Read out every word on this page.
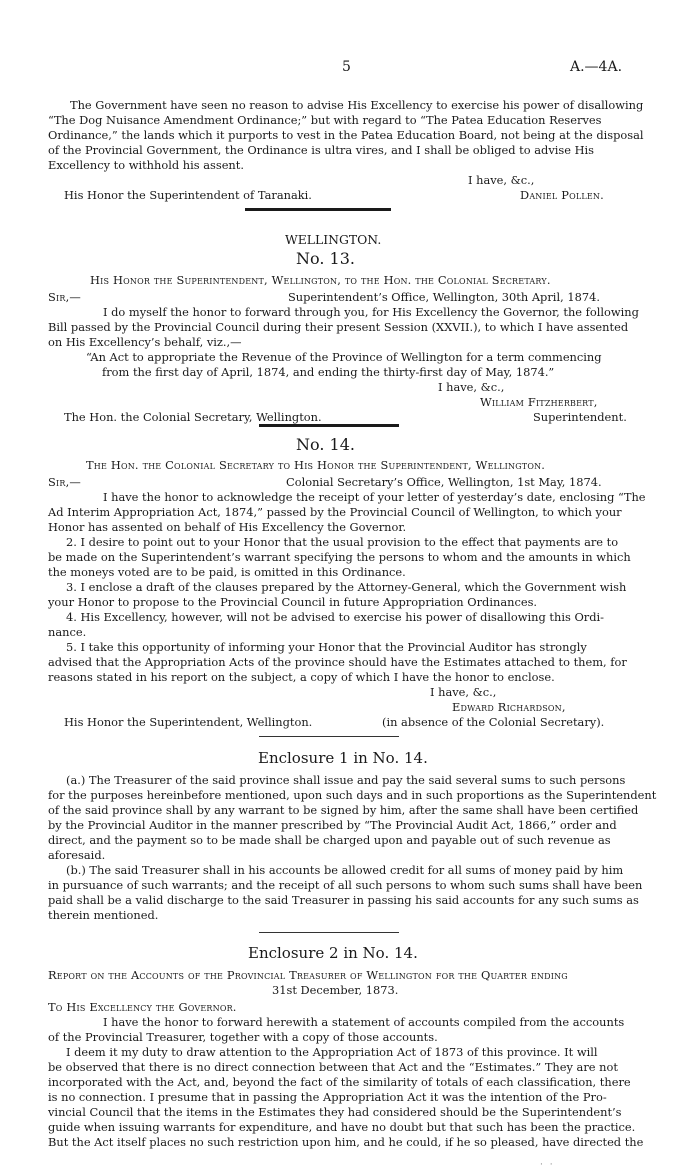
5	A.—4A.
The Government have seen no reason to advise His Excellency to exercise his power of disallowing
“The Dog Nuisance Amendment Ordinance;” but with regard to “The Patea Education Reserves
Ordinance,” the lands which it purports to vest in the Patea Education Board, not being at the disposal
of the Provincial Government, the Ordinance is ultra vires, and I shall be obliged to advise His
Excellency to withhold his assent.
I have, &c.,
His Honor the Superintendent of Taranaki.	Daniel Pollen.
WELLINGTON.
No. 13.
His Honor the Superintendent, Wellington, to the Hon. the Colonial Secretary.
Sir,—	Superintendent’s Office, Wellington, 30th April, 1874.
I do myself the honor to forward through you, for His Excellency the Governor, the following
Bill passed by the Provincial Council during their present Session (XXVII.), to which I have assented
on His Excellency’s behalf, viz.,—
“An Act to appropriate the Revenue of the Province of Wellington for a term commencing
from the first day of April, 1874, and ending the thirty-first day of May, 1874.”
I have, &c.,
William Fitzherbert,
The Hon. the Colonial Secretary, Wellington.	Superintendent.
No. 14.
The Hon. the Colonial Secretary to His Honor the Superintendent, Wellington.
Sir,—	Colonial Secretary’s Office, Wellington, 1st May, 1874.
I have the honor to acknowledge the receipt of your letter of yesterday’s date, enclosing “The
Ad Interim Appropriation Act, 1874,” passed by the Provincial Council of Wellington, to which your
Honor has assented on behalf of His Excellency the Governor.
2. I desire to point out to your Honor that the usual provision to the effect that payments are to
be made on the Superintendent’s warrant specifying the persons to whom and the amounts in which
the moneys voted are to be paid, is omitted in this Ordinance.
3. I enclose a draft of the clauses prepared by the Attorney-General, which the Government wish
your Honor to propose to the Provincial Council in future Appropriation Ordinances.
4. His Excellency, however, will not be advised to exercise his power of disallowing this Ordi-
nance.
5. I take this opportunity of informing your Honor that the Provincial Auditor has strongly
advised that the Appropriation Acts of the province should have the Estimates attached to them, for
reasons stated in his report on the subject, a copy of which I have the honor to enclose.
I have, &c.,
Edward Richardson,
His Honor the Superintendent, Wellington.	(in absence of the Colonial Secretary).
Enclosure 1 in No. 14.
(a.) The Treasurer of the said province shall issue and pay the said several sums to such persons
for the purposes hereinbefore mentioned, upon such days and in such proportions as the Superintendent
of the said province shall by any warrant to be signed by him, after the same shall have been certified
by the Provincial Auditor in the manner prescribed by “The Provincial Audit Act, 1866,” order and
direct, and the payment so to be made shall be charged upon and payable out of such revenue as
aforesaid.
(b.) The said Treasurer shall in his accounts be allowed credit for all sums of money paid by him
in pursuance of such warrants; and the receipt of all such persons to whom such sums shall have been
paid shall be a valid discharge to the said Treasurer in passing his said accounts for any such sums as
therein mentioned.
Enclosure 2 in No. 14.
Report on the Accounts of the Provincial Treasurer of Wellington for the Quarter ending
31st December, 1873.
To His Excellency the Governor.
I have the honor to forward herewith a statement of accounts compiled from the accounts
of the Provincial Treasurer, together with a copy of those accounts.
I deem it my duty to draw attention to the Appropriation Act of 1873 of this province. It will
be observed that there is no direct connection between that Act and the “Estimates.” They are not
incorporated with the Act, and, beyond the fact of the similarity of totals of each classification, there
is no connection. I presume that in passing the Appropriation Act it was the intention of the Pro-
vincial Council that the items in the Estimates they had considered should be the Superintendent’s
guide when issuing warrants for expenditure, and have no doubt but that such has been the practice.
But the Act itself places no such restriction upon him, and he could, if he so pleased, have directed the
· ·
